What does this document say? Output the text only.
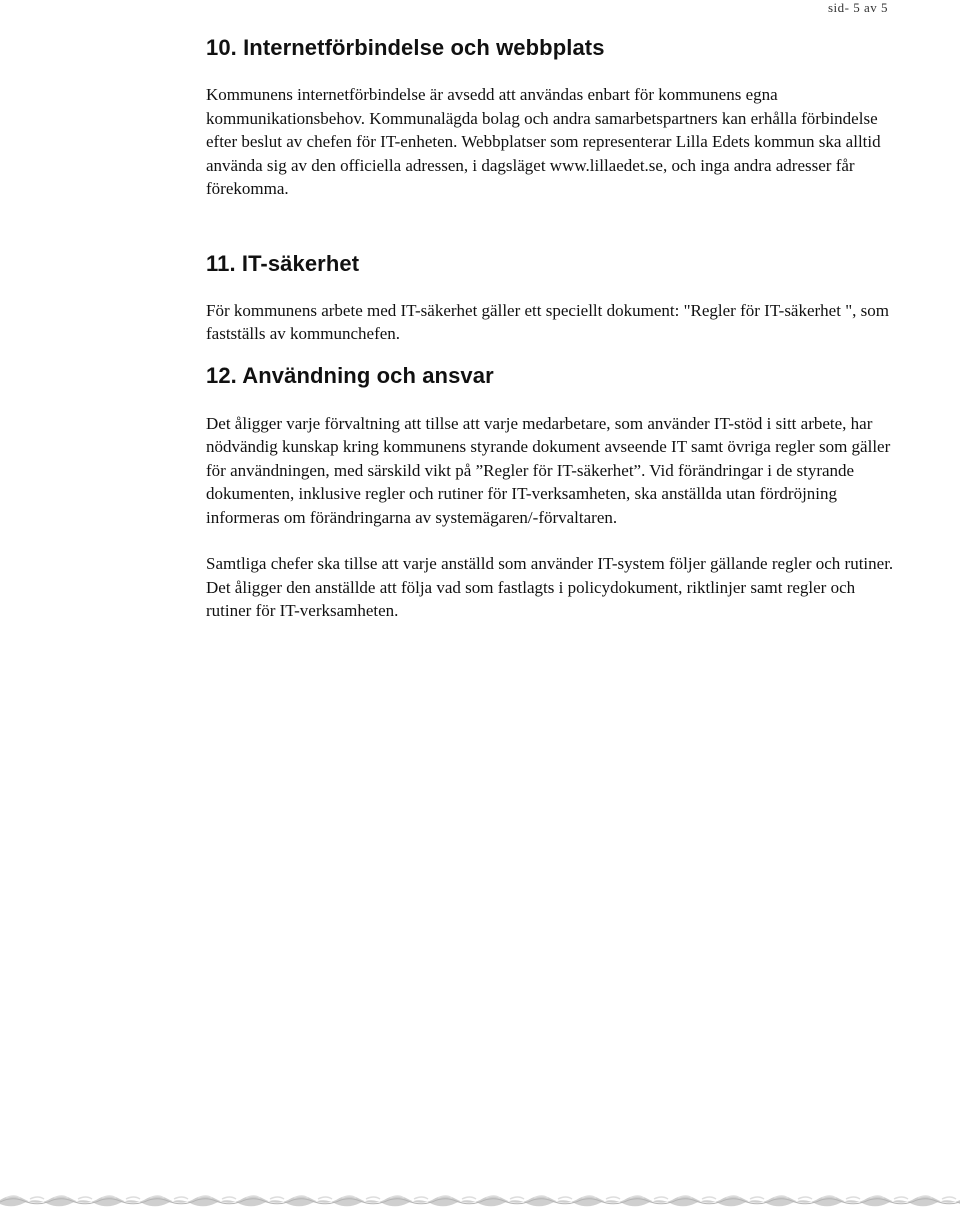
sid- 5 av 5
10. Internetförbindelse och webbplats

Kommunens internetförbindelse är avsedd att användas enbart för kommunens egna kommunikationsbehov. Kommunalägda bolag och andra samarbetspartners kan erhålla förbindelse efter beslut av chefen för IT-enheten. Webbplatser som representerar Lilla Edets kommun ska alltid använda sig av den officiella adressen, i dagsläget www.lillaedet.se, och inga andra adresser får förekomma.

11. IT-säkerhet

För kommunens arbete med IT-säkerhet gäller ett speciellt dokument: "Regler för IT-säkerhet ", som fastställs av kommunchefen.

12. Användning och ansvar

Det åligger varje förvaltning att tillse att varje medarbetare, som använder IT-stöd i sitt arbete, har nödvändig kunskap kring kommunens styrande dokument avseende IT samt övriga regler som gäller för användningen, med särskild vikt på ”Regler för IT-säkerhet”. Vid förändringar i de styrande dokumenten, inklusive regler och rutiner för IT-verksamheten, ska anställda utan fördröjning informeras om förändringarna av systemägaren/-förvaltaren.

Samtliga chefer ska tillse att varje anställd som använder IT-system följer gällande regler och rutiner. Det åligger den anställde att följa vad som fastlagts i policydokument, riktlinjer samt regler och rutiner för IT-verksamheten.
